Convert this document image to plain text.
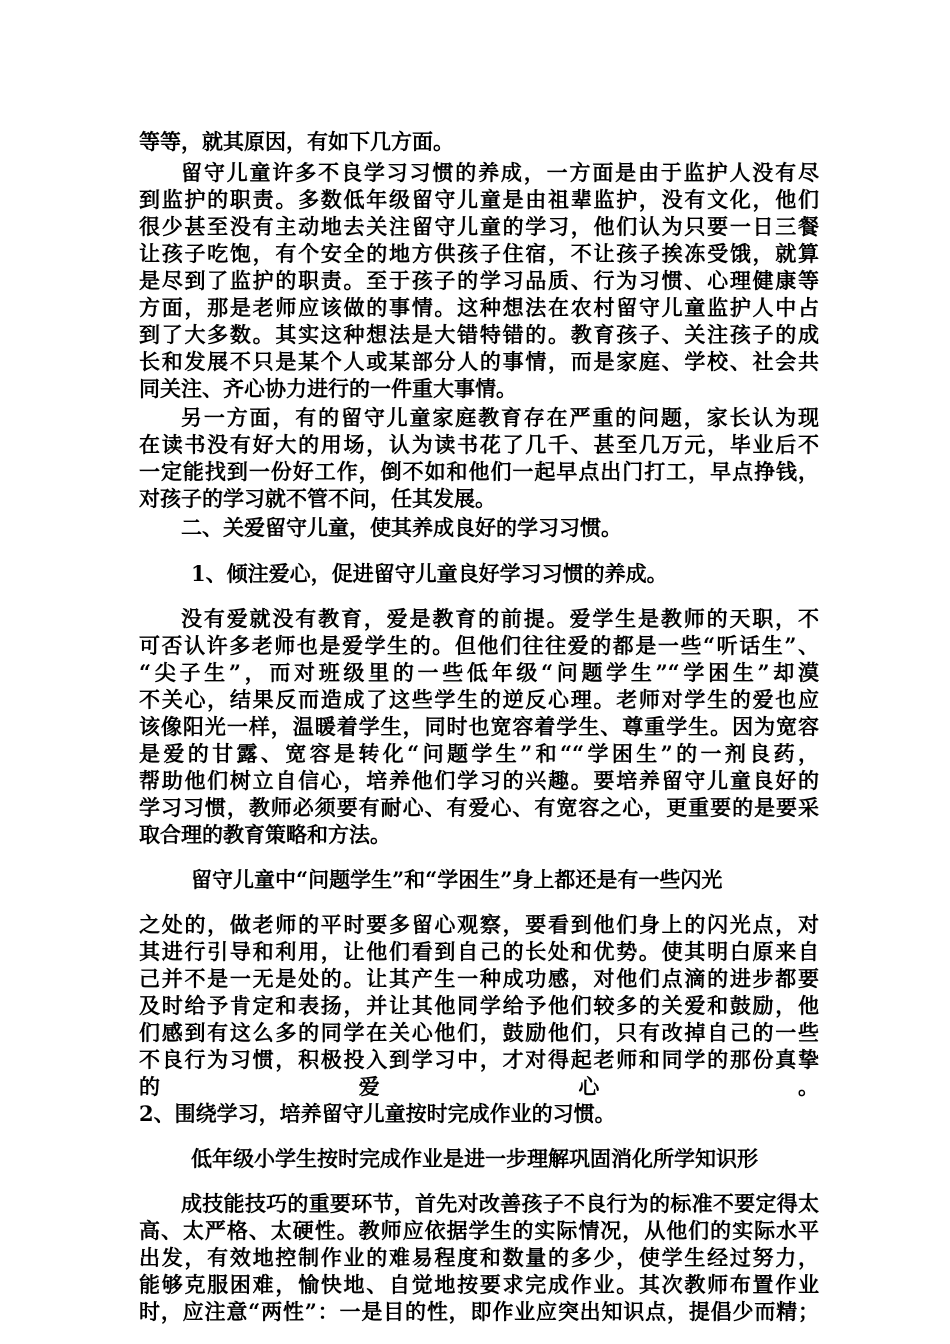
等等，就其原因，有如下几方面。
留守儿童许多不良学习习惯的养成，一方面是由于监护人没有尽
到监护的职责。多数低年级留守儿童是由祖辈监护，没有文化，他们
很少甚至没有主动地去关注留守儿童的学习，他们认为只要一日三餐
让孩子吃饱，有个安全的地方供孩子住宿，不让孩子挨冻受饿，就算
是尽到了监护的职责。至于孩子的学习品质、行为习惯、心理健康等
方面，那是老师应该做的事情。这种想法在农村留守儿童监护人中占
到了大多数。其实这种想法是大错特错的。教育孩子、关注孩子的成
长和发展不只是某个人或某部分人的事情，而是家庭、学校、社会共
同关注、齐心协力进行的一件重大事情。
另一方面，有的留守儿童家庭教育存在严重的问题，家长认为现
在读书没有好大的用场，认为读书花了几千、甚至几万元，毕业后不
一定能找到一份好工作，倒不如和他们一起早点出门打工，早点挣钱，
对孩子的学习就不管不问，任其发展。
二、关爱留守儿童，使其养成良好的学习习惯。
1、倾注爱心，促进留守儿童良好学习习惯的养成。
没有爱就没有教育，爱是教育的前提。爱学生是教师的天职，不
可否认许多老师也是爱学生的。但他们往往爱的都是一些“听话生”、
“尖子生”，而对班级里的一些低年级“问题学生”“学困生”却漠
不关心，结果反而造成了这些学生的逆反心理。老师对学生的爱也应
该像阳光一样，温暖着学生，同时也宽容着学生、尊重学生。因为宽容
是爱的甘露、宽容是转化“问题学生”和““学困生”的一剂良药，
帮助他们树立自信心，培养他们学习的兴趣。要培养留守儿童良好的
学习习惯，教师必须要有耐心、有爱心、有宽容之心，更重要的是要采
取合理的教育策略和方法。
留守儿童中“问题学生”和“学困生”身上都还是有一些闪光
之处的，做老师的平时要多留心观察，要看到他们身上的闪光点，对
其进行引导和利用，让他们看到自己的长处和优势。使其明白原来自
己并不是一无是处的。让其产生一种成功感，对他们点滴的进步都要
及时给予肯定和表扬，并让其他同学给予他们较多的关爱和鼓励，他
们感到有这么多的同学在关心他们，鼓励他们，只有改掉自己的一些
不良行为习惯，积极投入到学习中，才对得起老师和同学的那份真挚
的爱心。
2、围绕学习，培养留守儿童按时完成作业的习惯。
低年级小学生按时完成作业是进一步理解巩固消化所学知识形
成技能技巧的重要环节，首先对改善孩子不良行为的标准不要定得太
高、太严格、太硬性。教师应依据学生的实际情况，从他们的实际水平
出发，有效地控制作业的难易程度和数量的多少，使学生经过努力，
能够克服困难，愉快地、自觉地按要求完成作业。其次教师布置作业
时，应注意“两性”：一是目的性，即作业应突出知识点，提倡少而精；
